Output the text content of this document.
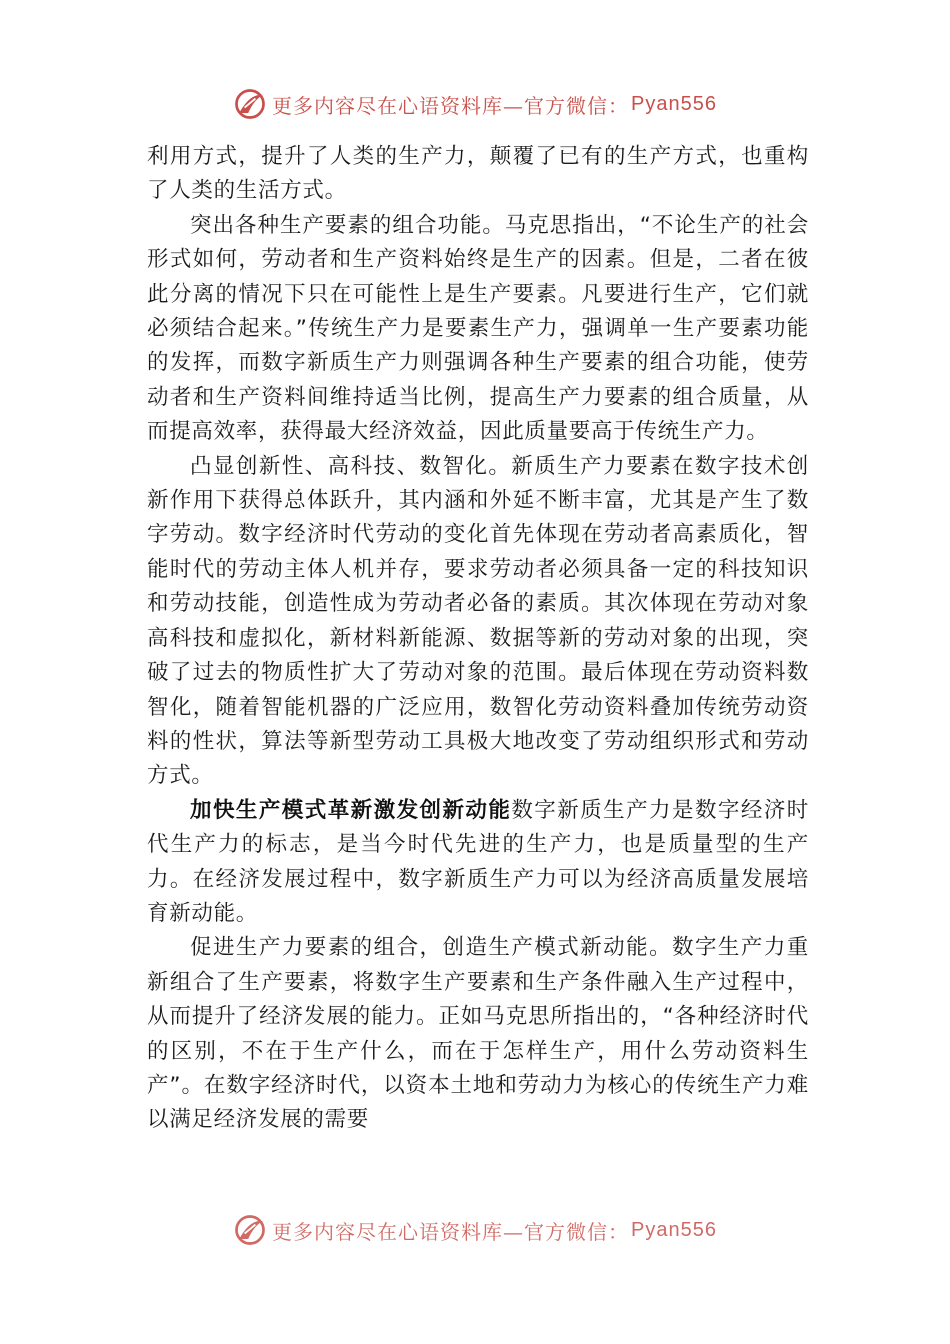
更多内容尽在心语资料库—官方微信： Pyan556

利用方式，提升了人类的生产力，颠覆了已有的生产方式，也重构了人类的生活方式。

突出各种生产要素的组合功能。马克思指出，“不论生产的社会形式如何，劳动者和生产资料始终是生产的因素。但是，二者在彼此分离的情况下只在可能性上是生产要素。凡要进行生产，它们就必须结合起来。”传统生产力是要素生产力，强调单一生产要素功能的发挥，而数字新质生产力则强调各种生产要素的组合功能，使劳动者和生产资料间维持适当比例，提高生产力要素的组合质量，从而提高效率，获得最大经济效益，因此质量要高于传统生产力。

凸显创新性、高科技、数智化。新质生产力要素在数字技术创新作用下获得总体跃升，其内涵和外延不断丰富，尤其是产生了数字劳动。数字经济时代劳动的变化首先体现在劳动者高素质化，智能时代的劳动主体人机并存，要求劳动者必须具备一定的科技知识和劳动技能，创造性成为劳动者必备的素质。其次体现在劳动对象高科技和虚拟化，新材料新能源、数据等新的劳动对象的出现，突破了过去的物质性扩大了劳动对象的范围。最后体现在劳动资料数智化，随着智能机器的广泛应用，数智化劳动资料叠加传统劳动资料的性状，算法等新型劳动工具极大地改变了劳动组织形式和劳动方式。

加快生产模式革新激发创新动能数字新质生产力是数字经济时代生产力的标志，是当今时代先进的生产力，也是质量型的生产力。在经济发展过程中，数字新质生产力可以为经济高质量发展培育新动能。

促进生产力要素的组合，创造生产模式新动能。数字生产力重新组合了生产要素，将数字生产要素和生产条件融入生产过程中，从而提升了经济发展的能力。正如马克思所指出的，“各种经济时代的区别，不在于生产什么，而在于怎样生产，用什么劳动资料生产”。在数字经济时代，以资本土地和劳动力为核心的传统生产力难以满足经济发展的需要

更多内容尽在心语资料库—官方微信： Pyan556
